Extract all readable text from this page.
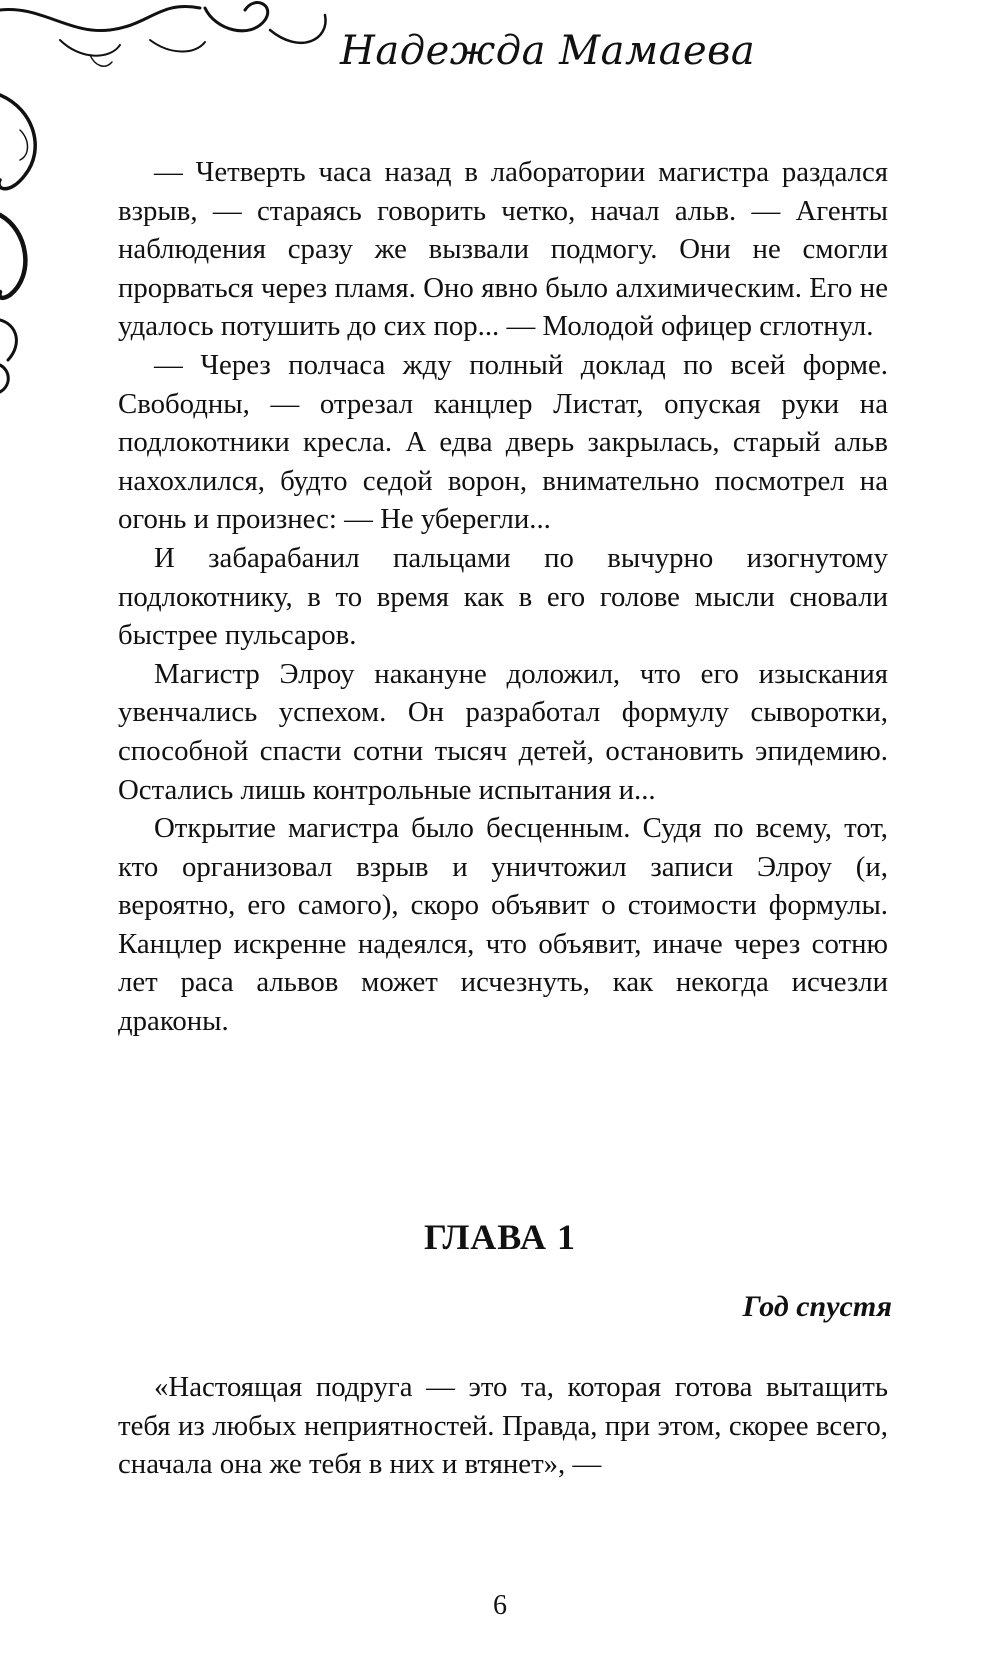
Надежда Мамаева

— Четверть часа назад в лаборатории магистра раздался взрыв, — стараясь говорить четко, начал альв. — Агенты наблюдения сразу же вызвали подмогу. Они не смогли прорваться через пламя. Оно явно было алхимическим. Его не удалось потушить до сих пор... — Молодой офицер сглотнул.

— Через полчаса жду полный доклад по всей форме. Свободны, — отрезал канцлер Листат, опуская руки на подлокотники кресла. А едва дверь закрылась, старый альв нахохлился, будто седой ворон, внимательно посмотрел на огонь и произнес: — Не уберегли...

И забарабанил пальцами по вычурно изогнутому подлокотнику, в то время как в его голове мысли сновали быстрее пульсаров.

Магистр Элроу накануне доложил, что его изыскания увенчались успехом. Он разработал формулу сыворотки, способной спасти сотни тысяч детей, остановить эпидемию. Остались лишь контрольные испытания и...

Открытие магистра было бесценным. Судя по всему, тот, кто организовал взрыв и уничтожил записи Элроу (и, вероятно, его самого), скоро объявит о стоимости формулы. Канцлер искренне надеялся, что объявит, иначе через сотню лет раса альвов может исчезнуть, как некогда исчезли драконы.

ГЛАВА 1
Год спустя

«Настоящая подруга — это та, которая готова вытащить тебя из любых неприятностей. Правда, при этом, скорее всего, сначала она же тебя в них и втянет», —

6
